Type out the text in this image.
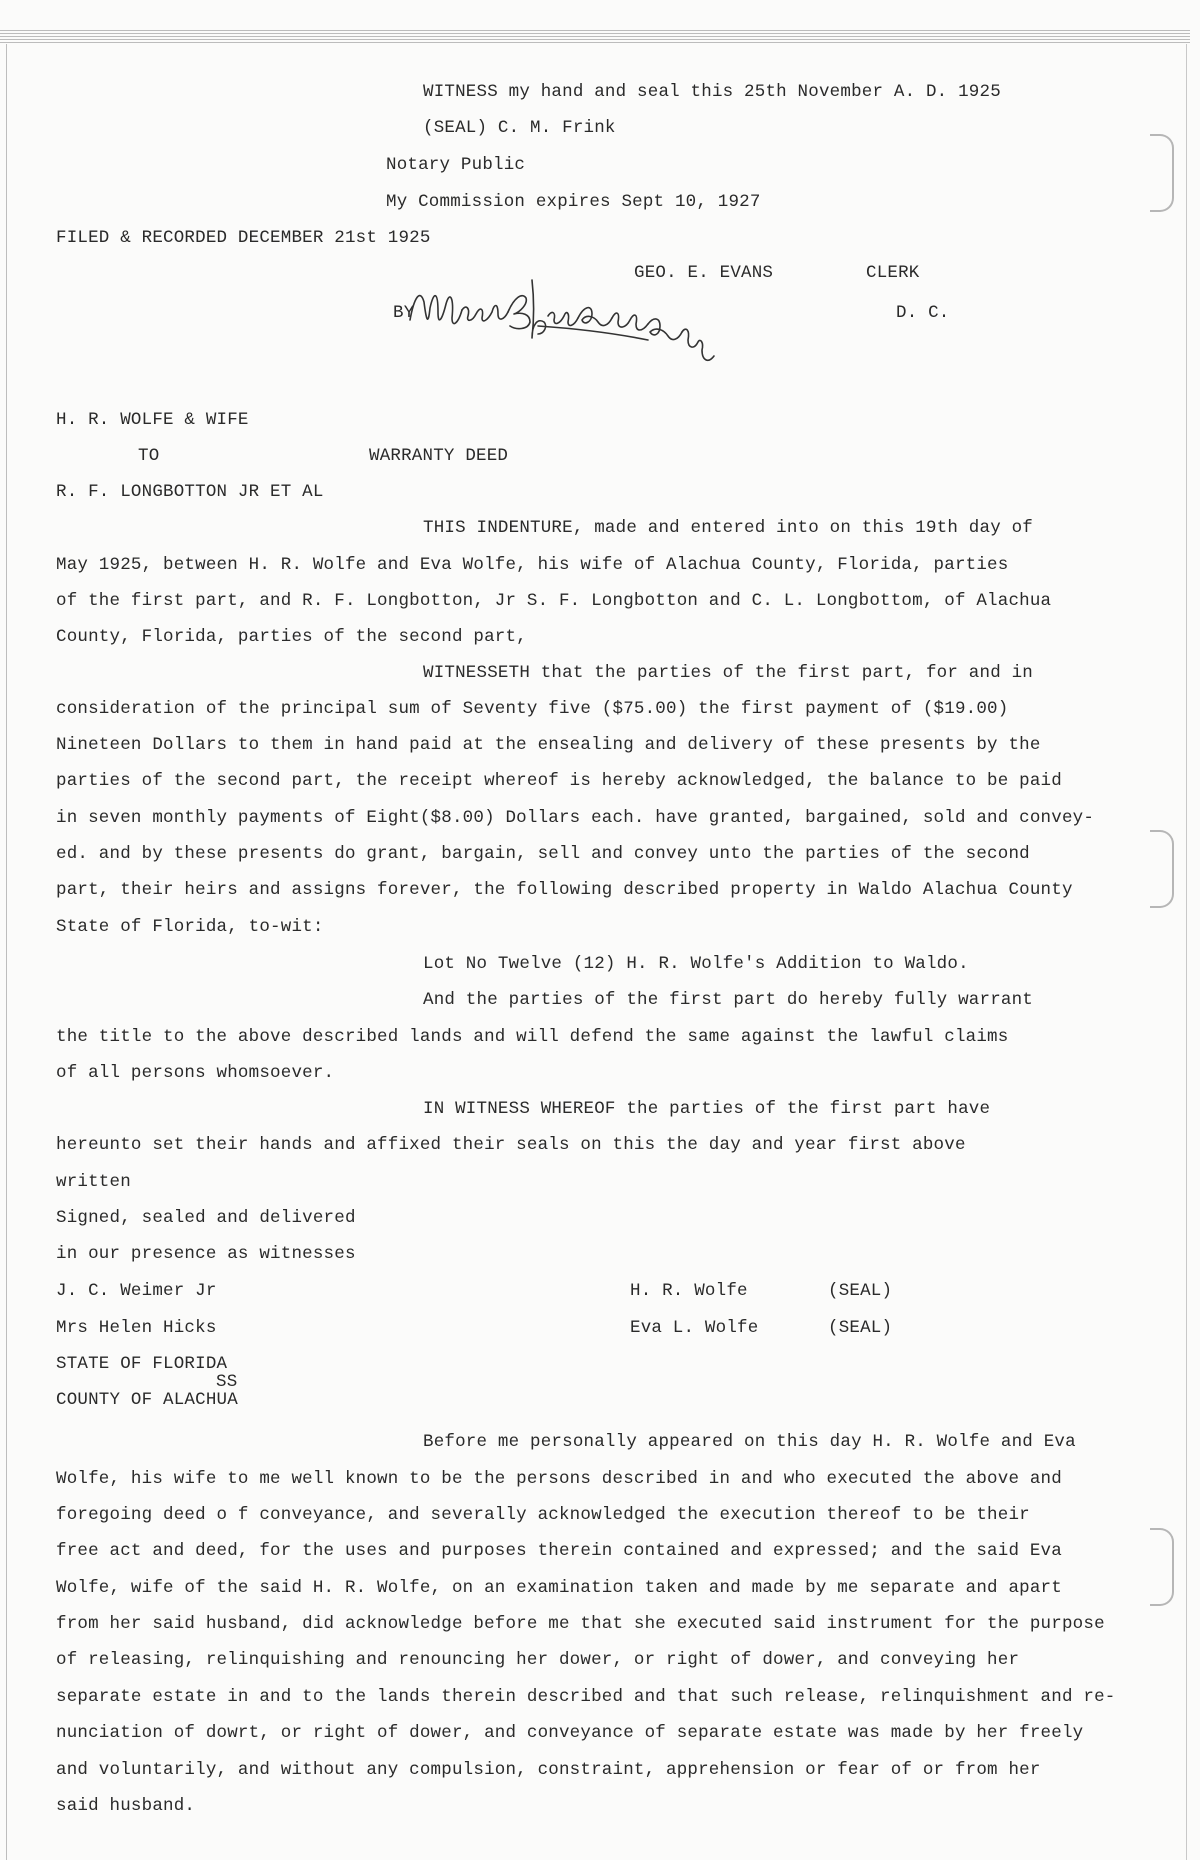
WITNESS my hand and seal this 25th November A. D. 1925
(SEAL) C. M. Frink
Notary Public
My Commission expires Sept 10, 1927
FILED & RECORDED DECEMBER 21st 1925
GEO. E. EVANS	CLERK
BY	D. C.
H. R. WOLFE & WIFE
TO	WARRANTY DEED
R. F. LONGBOTTON JR ET AL
THIS INDENTURE, made and entered into on this 19th day of
May 1925, between H. R. Wolfe and Eva Wolfe, his wife of Alachua County, Florida, parties
of the first part, and R. F. Longbotton, Jr S. F. Longbotton and C. L. Longbottom, of Alachua
County, Florida, parties of the second part,
WITNESSETH that the parties of the first part, for and in
consideration of the principal sum of Seventy five ($75.00) the first payment of ($19.00)
Nineteen Dollars to them in hand paid at the ensealing and delivery of these presents by the
parties of the second part, the receipt whereof is hereby acknowledged, the balance to be paid
in seven monthly payments of Eight($8.00) Dollars each. have granted, bargained, sold and convey-
ed. and by these presents do grant, bargain, sell and convey unto the parties of the second
part, their heirs and assigns forever, the following described property in Waldo Alachua County
State of Florida, to-wit:
Lot No Twelve (12) H. R. Wolfe's Addition to Waldo.
And the parties of the first part do hereby fully warrant
the title to the above described lands and will defend the same against the lawful claims
of all persons whomsoever.
IN WITNESS WHEREOF the parties of the first part have
hereunto set their hands and affixed their seals on this the day and year first above
written
Signed, sealed and delivered
in our presence as witnesses
J. C. Weimer Jr	H. R. Wolfe	(SEAL)
Mrs Helen Hicks	Eva L. Wolfe	(SEAL)
STATE OF FLORIDA
SS
COUNTY OF ALACHUA
Before me personally appeared on this day H. R. Wolfe and Eva
Wolfe, his wife to me well known to be the persons described in and who executed the above and
foregoing deed o f conveyance, and severally acknowledged the execution thereof to be their
free act and deed, for the uses and purposes therein contained and expressed; and the said Eva
Wolfe, wife of the said H. R. Wolfe, on an examination taken and made by me separate and apart
from her said husband, did acknowledge before me that she executed said instrument for the purpose
of releasing, relinquishing and renouncing her dower, or right of dower, and conveying her
separate estate in and to the lands therein described and that such release, relinquishment and re-
nunciation of dowrt, or right of dower, and conveyance of separate estate was made by her freely
and voluntarily, and without any compulsion, constraint, apprehension or fear of or from her
said husband.
